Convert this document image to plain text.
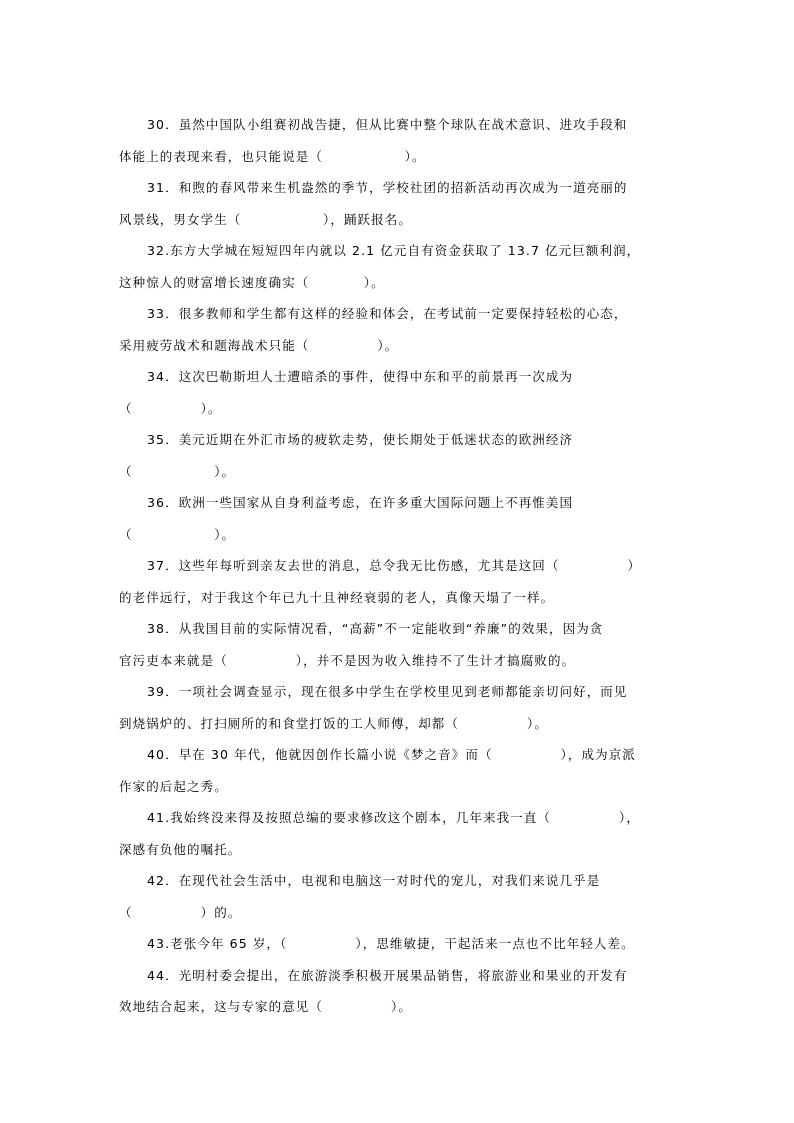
30．虽然中国队小组赛初战告捷，但从比赛中整个球队在战术意识、进攻手段和

体能上的表现来看，也只能说是（　　　　　　）。

31．和煦的春风带来生机盎然的季节，学校社团的招新活动再次成为一道亮丽的

风景线，男女学生（　　　　　　），踊跃报名。

32.东方大学城在短短四年内就以 2.1 亿元自有资金获取了 13.7 亿元巨额利润，

这种惊人的财富增长速度确实（　　　　）。

33．很多教师和学生都有这样的经验和体会，在考试前一定要保持轻松的心态，

采用疲劳战术和题海战术只能（　　　　　）。

34．这次巴勒斯坦人士遭暗杀的事件，使得中东和平的前景再一次成为

（　　　　　）。

35．美元近期在外汇市场的疲软走势，使长期处于低迷状态的欧洲经济

（　　　　　　）。

36．欧洲一些国家从自身利益考虑，在许多重大国际问题上不再惟美国

（　　　　　　）。

37．这些年每听到亲友去世的消息，总令我无比伤感，尤其是这回（　　　　　）

的老伴远行，对于我这个年已九十且神经衰弱的老人，真像天塌了一样。

38．从我国目前的实际情况看，“高薪”不一定能收到“养廉”的效果，因为贪

官污吏本来就是（　　　　　），并不是因为收入维持不了生计才搞腐败的。

39．一项社会调查显示，现在很多中学生在学校里见到老师都能亲切问好，而见

到烧锅炉的、打扫厕所的和食堂打饭的工人师傅，却都（　　　　　）。

40．早在 30 年代，他就因创作长篇小说《梦之音》而（　　　　　），成为京派

作家的后起之秀。

41.我始终没来得及按照总编的要求修改这个剧本，几年来我一直（　　　　　），

深感有负他的嘱托。

42．在现代社会生活中，电视和电脑这一对时代的宠儿，对我们来说几乎是

（　　　　　）的。

43.老张今年 65 岁，（　　　　　），思维敏捷，干起活来一点也不比年轻人差。

44．光明村委会提出，在旅游淡季积极开展果品销售，将旅游业和果业的开发有

效地结合起来，这与专家的意见（　　　　　）。
